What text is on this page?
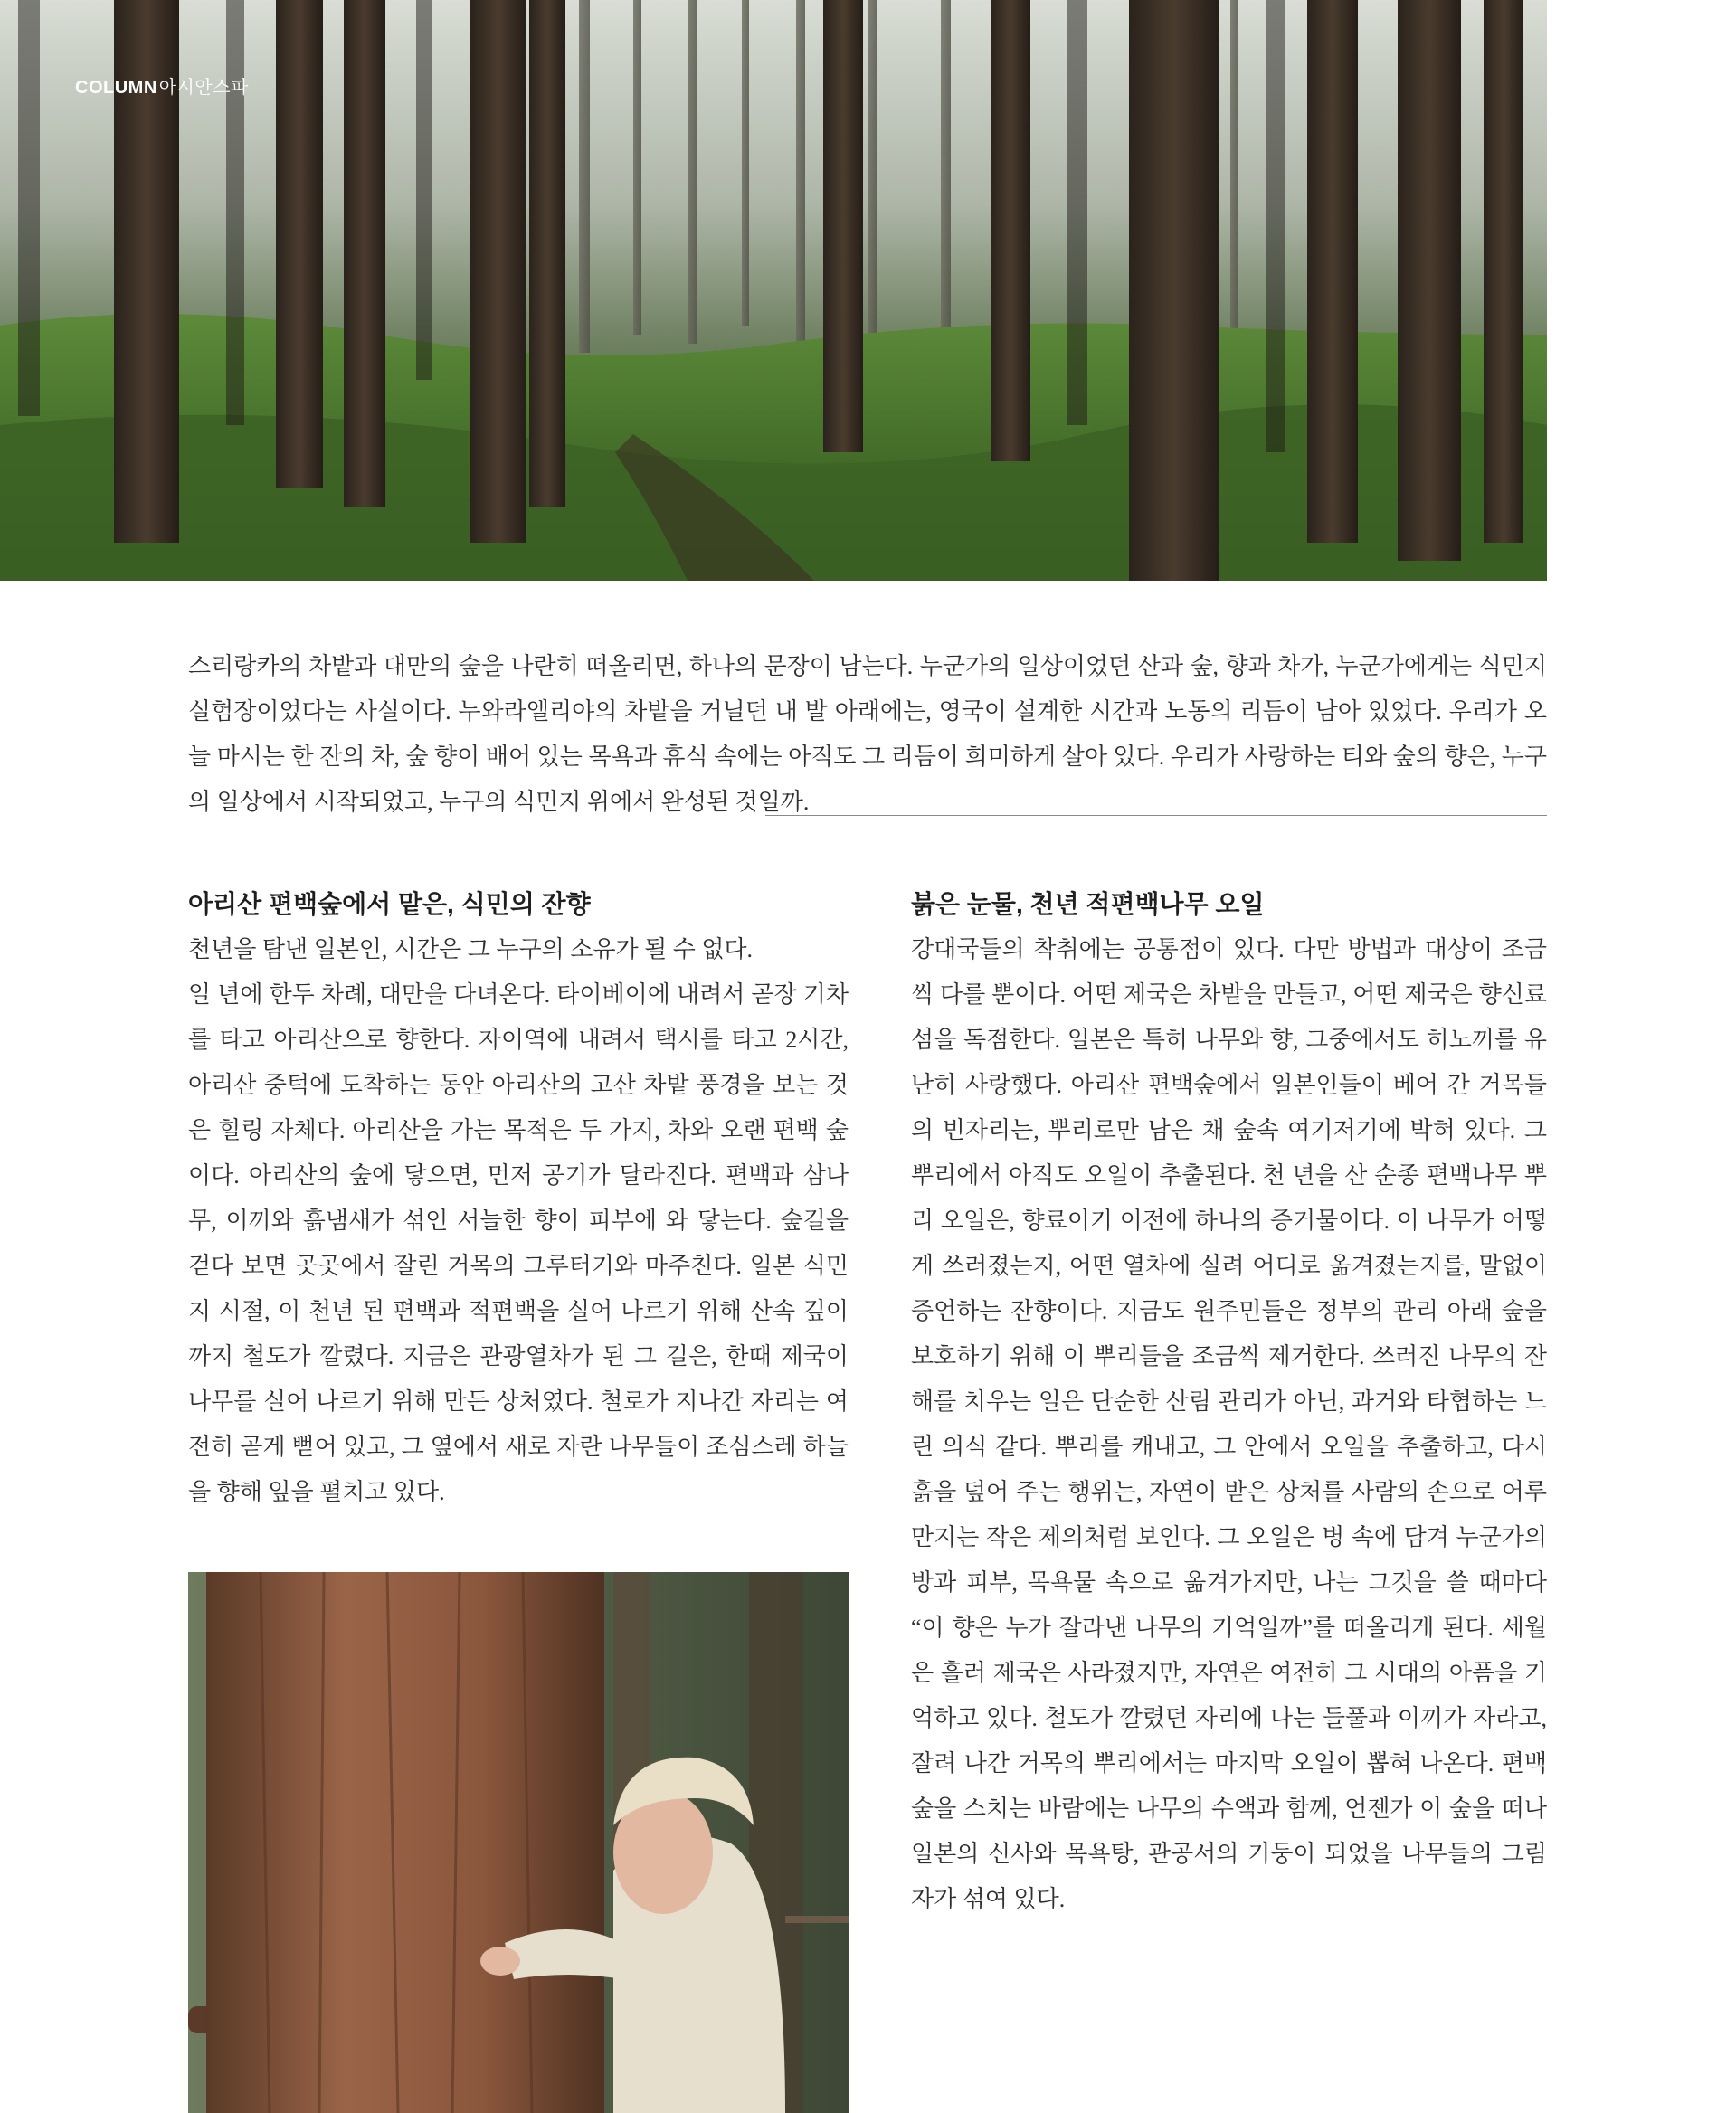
COLUMN 아시안스파

스리랑카의 차밭과 대만의 숲을 나란히 떠올리면, 하나의 문장이 남는다. 누군가의 일상이었던 산과 숲, 향과 차가, 누군가에게는 식민지 실험장이었다는 사실이다. 누와라엘리야의 차밭을 거닐던 내 발 아래에는, 영국이 설계한 시간과 노동의 리듬이 남아 있었다. 우리가 오늘 마시는 한 잔의 차, 숲 향이 배어 있는 목욕과 휴식 속에는 아직도 그 리듬이 희미하게 살아 있다. 우리가 사랑하는 티와 숲의 향은, 누구의 일상에서 시작되었고, 누구의 식민지 위에서 완성된 것일까.

아리산 편백숲에서 맡은, 식민의 잔향

천년을 탐낸 일본인, 시간은 그 누구의 소유가 될 수 없다.

일 년에 한두 차례, 대만을 다녀온다. 타이베이에 내려서 곧장 기차를 타고 아리산으로 향한다. 자이역에 내려서 택시를 타고 2시간, 아리산 중턱에 도착하는 동안 아리산의 고산 차밭 풍경을 보는 것은 힐링 자체다. 아리산을 가는 목적은 두 가지, 차와 오랜 편백 숲이다. 아리산의 숲에 닿으면, 먼저 공기가 달라진다. 편백과 삼나무, 이끼와 흙냄새가 섞인 서늘한 향이 피부에 와 닿는다. 숲길을 걷다 보면 곳곳에서 잘린 거목의 그루터기와 마주친다. 일본 식민지 시절, 이 천년 된 편백과 적편백을 실어 나르기 위해 산속 깊이까지 철도가 깔렸다. 지금은 관광열차가 된 그 길은, 한때 제국이 나무를 실어 나르기 위해 만든 상처였다. 철로가 지나간 자리는 여전히 곧게 뻗어 있고, 그 옆에서 새로 자란 나무들이 조심스레 하늘을 향해 잎을 펼치고 있다.

붉은 눈물, 천년 적편백나무 오일

강대국들의 착취에는 공통점이 있다. 다만 방법과 대상이 조금씩 다를 뿐이다. 어떤 제국은 차밭을 만들고, 어떤 제국은 향신료 섬을 독점한다. 일본은 특히 나무와 향, 그중에서도 히노끼를 유난히 사랑했다. 아리산 편백숲에서 일본인들이 베어 간 거목들의 빈자리는, 뿌리로만 남은 채 숲속 여기저기에 박혀 있다. 그 뿌리에서 아직도 오일이 추출된다. 천 년을 산 순종 편백나무 뿌리 오일은, 향료이기 이전에 하나의 증거물이다. 이 나무가 어떻게 쓰러졌는지, 어떤 열차에 실려 어디로 옮겨졌는지를, 말없이 증언하는 잔향이다. 지금도 원주민들은 정부의 관리 아래 숲을 보호하기 위해 이 뿌리들을 조금씩 제거한다. 쓰러진 나무의 잔해를 치우는 일은 단순한 산림 관리가 아닌, 과거와 타협하는 느린 의식 같다. 뿌리를 캐내고, 그 안에서 오일을 추출하고, 다시 흙을 덮어 주는 행위는, 자연이 받은 상처를 사람의 손으로 어루만지는 작은 제의처럼 보인다. 그 오일은 병 속에 담겨 누군가의 방과 피부, 목욕물 속으로 옮겨가지만, 나는 그것을 쓸 때마다 “이 향은 누가 잘라낸 나무의 기억일까”를 떠올리게 된다. 세월은 흘러 제국은 사라졌지만, 자연은 여전히 그 시대의 아픔을 기억하고 있다. 철도가 깔렸던 자리에 나는 들풀과 이끼가 자라고, 잘려 나간 거목의 뿌리에서는 마지막 오일이 뽑혀 나온다. 편백 숲을 스치는 바람에는 나무의 수액과 함께, 언젠가 이 숲을 떠나 일본의 신사와 목욕탕, 관공서의 기둥이 되었을 나무들의 그림자가 섞여 있다.
